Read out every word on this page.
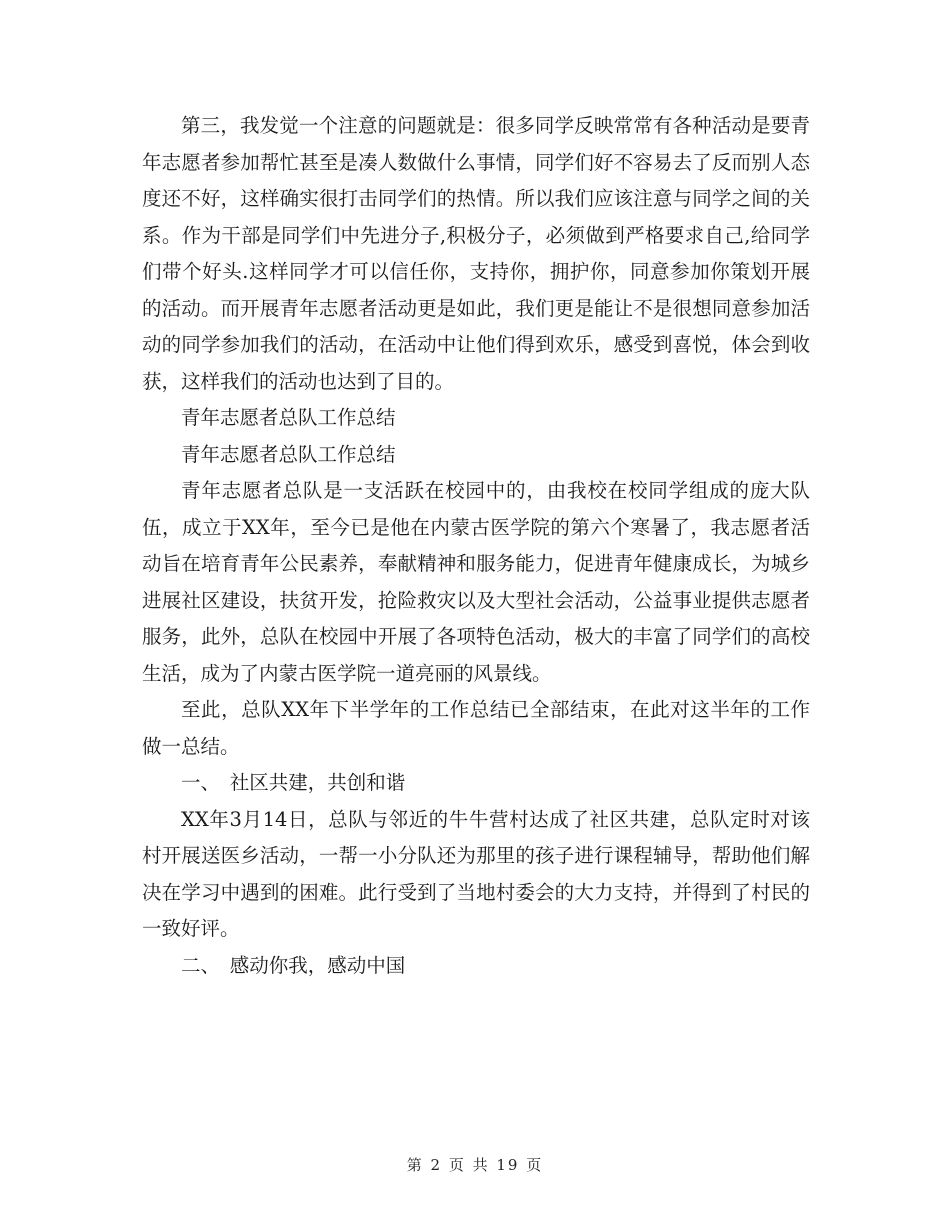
第三，我发觉一个注意的问题就是：很多同学反映常常有各种活动是要青年志愿者参加帮忙甚至是凑人数做什么事情，同学们好不容易去了反而别人态度还不好，这样确实很打击同学们的热情。所以我们应该注意与同学之间的关系。作为干部是同学们中先进分子,积极分子，必须做到严格要求自己,给同学们带个好头.这样同学才可以信任你，支持你，拥护你，同意参加你策划开展的活动。而开展青年志愿者活动更是如此，我们更是能让不是很想同意参加活动的同学参加我们的活动，在活动中让他们得到欢乐，感受到喜悦，体会到收获，这样我们的活动也达到了目的。

青年志愿者总队工作总结

青年志愿者总队工作总结

青年志愿者总队是一支活跃在校园中的，由我校在校同学组成的庞大队伍，成立于XX年，至今已是他在内蒙古医学院的第六个寒暑了，我志愿者活动旨在培育青年公民素养，奉献精神和服务能力，促进青年健康成长，为城乡进展社区建设，扶贫开发，抢险救灾以及大型社会活动，公益事业提供志愿者服务，此外，总队在校园中开展了各项特色活动，极大的丰富了同学们的高校生活，成为了内蒙古医学院一道亮丽的风景线。

至此，总队XX年下半学年的工作总结已全部结束，在此对这半年的工作做一总结。

一、　社区共建，共创和谐

XX年3月14日，总队与邻近的牛牛营村达成了社区共建，总队定时对该村开展送医乡活动，一帮一小分队还为那里的孩子进行课程辅导，帮助他们解决在学习中遇到的困难。此行受到了当地村委会的大力支持，并得到了村民的一致好评。

二、　感动你我，感动中国

第 2 页 共 19 页
